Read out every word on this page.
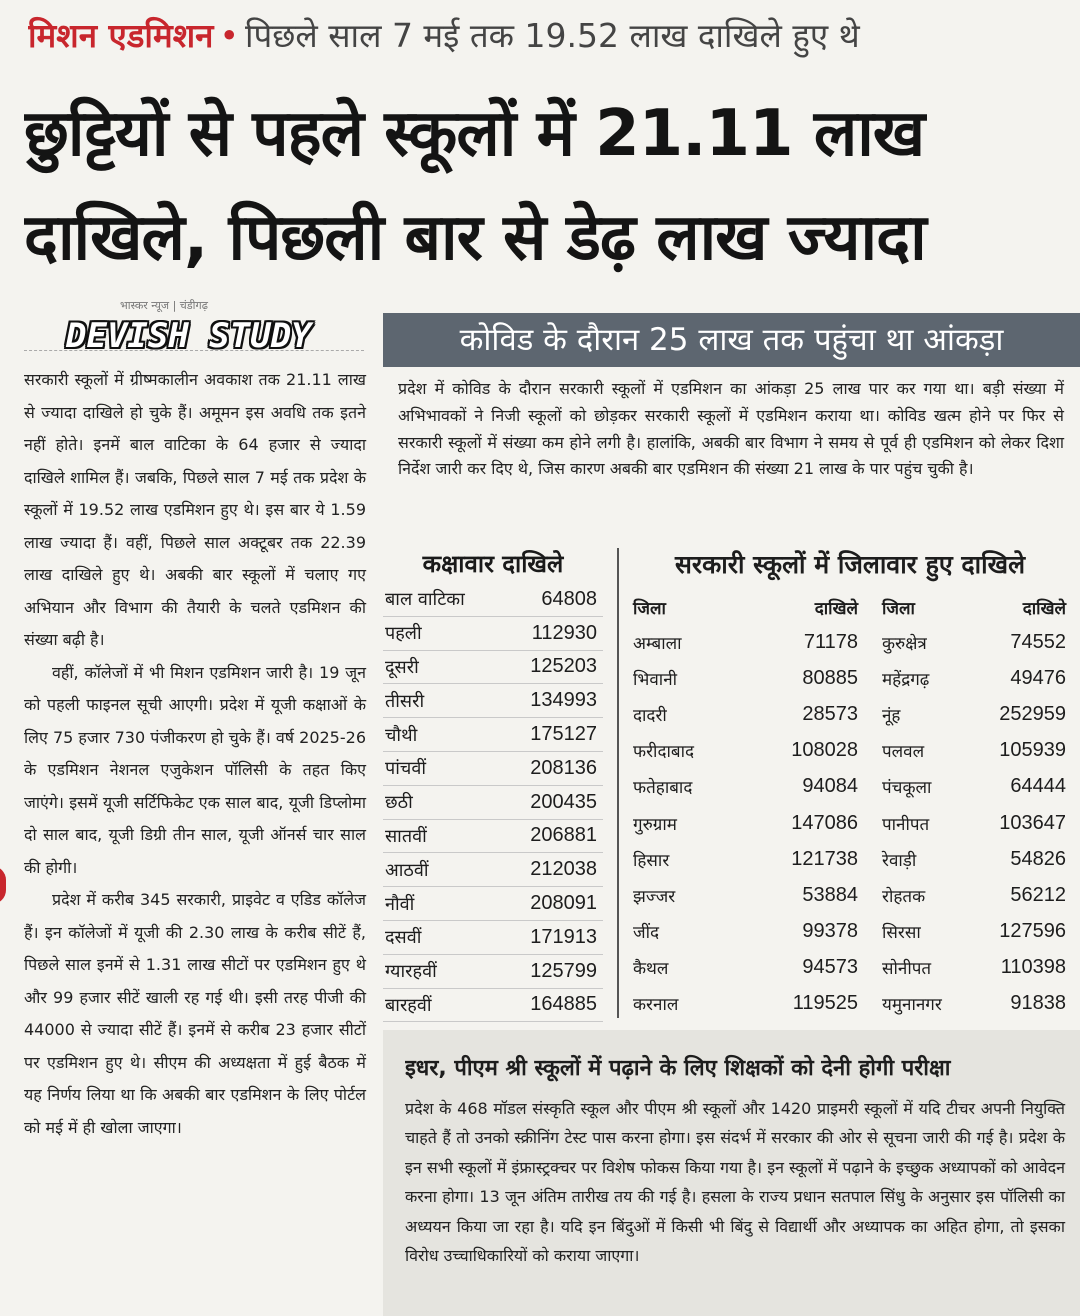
मिशन एडमिशन • पिछले साल 7 मई तक 19.52 लाख दाखिले हुए थे
छुट्टियों से पहले स्कूलों में 21.11 लाख
दाखिले, पिछली बार से डेढ़ लाख ज्यादा
भास्कर न्यूज | चंडीगढ़
DEVISH STUDY

सरकारी स्कूलों में ग्रीष्मकालीन अवकाश तक 21.11 लाख से ज्यादा दाखिले हो चुके हैं। अमूमन इस अवधि तक इतने नहीं होते। इनमें बाल वाटिका के 64 हजार से ज्यादा दाखिले शामिल हैं। जबकि, पिछले साल 7 मई तक प्रदेश के स्कूलों में 19.52 लाख एडमिशन हुए थे। इस बार ये 1.59 लाख ज्यादा हैं। वहीं, पिछले साल अक्टूबर तक 22.39 लाख दाखिले हुए थे। अबकी बार स्कूलों में चलाए गए अभियान और विभाग की तैयारी के चलते एडमिशन की संख्या बढ़ी है।

वहीं, कॉलेजों में भी मिशन एडमिशन जारी है। 19 जून को पहली फाइनल सूची आएगी। प्रदेश में यूजी कक्षाओं के लिए 75 हजार 730 पंजीकरण हो चुके हैं। वर्ष 2025-26 के एडमिशन नेशनल एजुकेशन पॉलिसी के तहत किए जाएंगे। इसमें यूजी सर्टिफिकेट एक साल बाद, यूजी डिप्लोमा दो साल बाद, यूजी डिग्री तीन साल, यूजी ऑनर्स चार साल की होगी।

प्रदेश में करीब 345 सरकारी, प्राइवेट व एडिड कॉलेज हैं। इन कॉलेजों में यूजी की 2.30 लाख के करीब सीटें हैं, पिछले साल इनमें से 1.31 लाख सीटों पर एडमिशन हुए थे और 99 हजार सीटें खाली रह गई थी। इसी तरह पीजी की 44000 से ज्यादा सीटें हैं। इनमें से करीब 23 हजार सीटों पर एडमिशन हुए थे। सीएम की अध्यक्षता में हुई बैठक में यह निर्णय लिया था कि अबकी बार एडमिशन के लिए पोर्टल को मई में ही खोला जाएगा।

कोविड के दौरान 25 लाख तक पहुंचा था आंकड़ा

प्रदेश में कोविड के दौरान सरकारी स्कूलों में एडमिशन का आंकड़ा 25 लाख पार कर गया था। बड़ी संख्या में अभिभावकों ने निजी स्कूलों को छोड़कर सरकारी स्कूलों में एडमिशन कराया था। कोविड खत्म होने पर फिर से सरकारी स्कूलों में संख्या कम होने लगी है। हालांकि, अबकी बार विभाग ने समय से पूर्व ही एडमिशन को लेकर दिशा निर्देश जारी कर दिए थे, जिस कारण अबकी बार एडमिशन की संख्या 21 लाख के पार पहुंच चुकी है।

कक्षावार दाखिले
बाल वाटिका	64808
पहली	112930
दूसरी	125203
तीसरी	134993
चौथी	175127
पांचवीं	208136
छठी	200435
सातवीं	206881
आठवीं	212038
नौवीं	208091
दसवीं	171913
ग्यारहवीं	125799
बारहवीं	164885
सरकारी स्कूलों में जिलावार हुए दाखिले
जिला	दाखिले	जिला	दाखिले
अम्बाला	71178	कुरुक्षेत्र	74552
भिवानी	80885	महेंद्रगढ़	49476
दादरी	28573	नूंह	252959
फरीदाबाद	108028	पलवल	105939
फतेहाबाद	94084	पंचकूला	64444
गुरुग्राम	147086	पानीपत	103647
हिसार	121738	रेवाड़ी	54826
झज्जर	53884	रोहतक	56212
जींद	99378	सिरसा	127596
कैथल	94573	सोनीपत	110398
करनाल	119525	यमुनानगर	91838
इधर, पीएम श्री स्कूलों में पढ़ाने के लिए शिक्षकों को देनी होगी परीक्षा

प्रदेश के 468 मॉडल संस्कृति स्कूल और पीएम श्री स्कूलों और 1420 प्राइमरी स्कूलों में यदि टीचर अपनी नियुक्ति चाहते हैं तो उनको स्क्रीनिंग टेस्ट पास करना होगा। इस संदर्भ में सरकार की ओर से सूचना जारी की गई है। प्रदेश के इन सभी स्कूलों में इंफ्रास्ट्रक्चर पर विशेष फोकस किया गया है। इन स्कूलों में पढ़ाने के इच्छुक अध्यापकों को आवेदन करना होगा। 13 जून अंतिम तारीख तय की गई है। हसला के राज्य प्रधान सतपाल सिंधु के अनुसार इस पॉलिसी का अध्ययन किया जा रहा है। यदि इन बिंदुओं में किसी भी बिंदु से विद्यार्थी और अध्यापक का अहित होगा, तो इसका विरोध उच्चाधिकारियों को कराया जाएगा।
